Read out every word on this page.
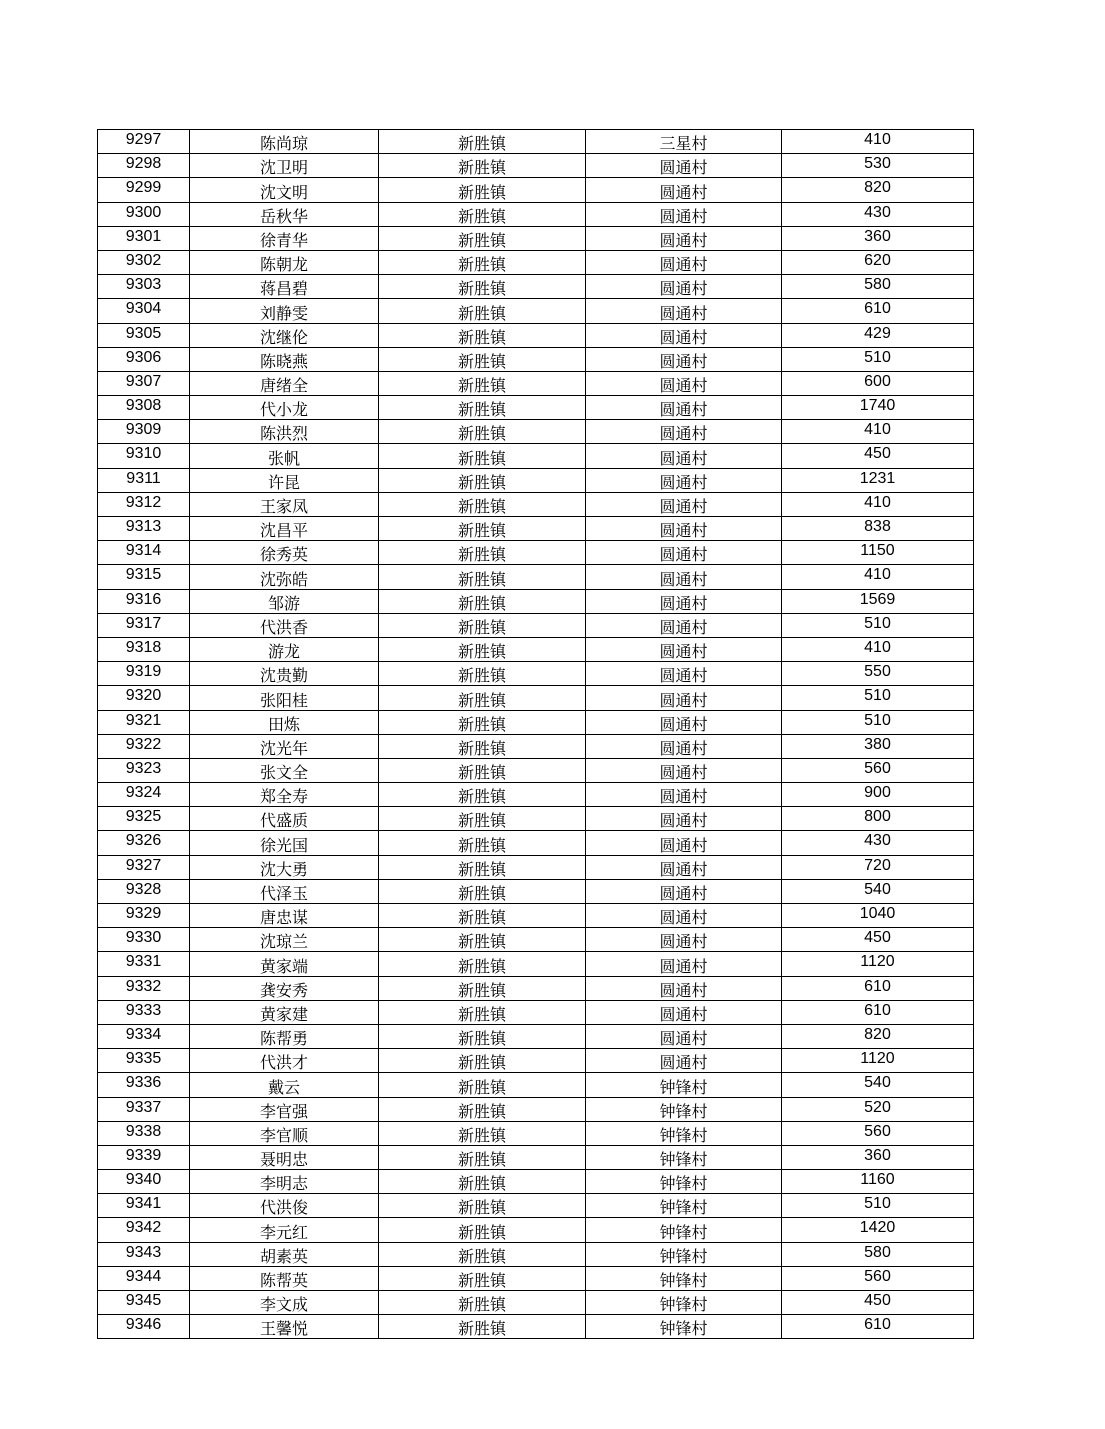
9297	陈尚琼	新胜镇	三星村	410
9298	沈卫明	新胜镇	圆通村	530
9299	沈文明	新胜镇	圆通村	820
9300	岳秋华	新胜镇	圆通村	430
9301	徐青华	新胜镇	圆通村	360
9302	陈朝龙	新胜镇	圆通村	620
9303	蒋昌碧	新胜镇	圆通村	580
9304	刘静雯	新胜镇	圆通村	610
9305	沈继伦	新胜镇	圆通村	429
9306	陈晓燕	新胜镇	圆通村	510
9307	唐绪全	新胜镇	圆通村	600
9308	代小龙	新胜镇	圆通村	1740
9309	陈洪烈	新胜镇	圆通村	410
9310	张帆	新胜镇	圆通村	450
9311	许昆	新胜镇	圆通村	1231
9312	王家凤	新胜镇	圆通村	410
9313	沈昌平	新胜镇	圆通村	838
9314	徐秀英	新胜镇	圆通村	1150
9315	沈弥皓	新胜镇	圆通村	410
9316	邹游	新胜镇	圆通村	1569
9317	代洪香	新胜镇	圆通村	510
9318	游龙	新胜镇	圆通村	410
9319	沈贵勤	新胜镇	圆通村	550
9320	张阳桂	新胜镇	圆通村	510
9321	田炼	新胜镇	圆通村	510
9322	沈光年	新胜镇	圆通村	380
9323	张文全	新胜镇	圆通村	560
9324	郑全寿	新胜镇	圆通村	900
9325	代盛质	新胜镇	圆通村	800
9326	徐光国	新胜镇	圆通村	430
9327	沈大勇	新胜镇	圆通村	720
9328	代泽玉	新胜镇	圆通村	540
9329	唐忠谋	新胜镇	圆通村	1040
9330	沈琼兰	新胜镇	圆通村	450
9331	黄家端	新胜镇	圆通村	1120
9332	龚安秀	新胜镇	圆通村	610
9333	黄家建	新胜镇	圆通村	610
9334	陈帮勇	新胜镇	圆通村	820
9335	代洪才	新胜镇	圆通村	1120
9336	戴云	新胜镇	钟锋村	540
9337	李官强	新胜镇	钟锋村	520
9338	李官顺	新胜镇	钟锋村	560
9339	聂明忠	新胜镇	钟锋村	360
9340	李明志	新胜镇	钟锋村	1160
9341	代洪俊	新胜镇	钟锋村	510
9342	李元红	新胜镇	钟锋村	1420
9343	胡素英	新胜镇	钟锋村	580
9344	陈帮英	新胜镇	钟锋村	560
9345	李文成	新胜镇	钟锋村	450
9346	王馨悦	新胜镇	钟锋村	610
